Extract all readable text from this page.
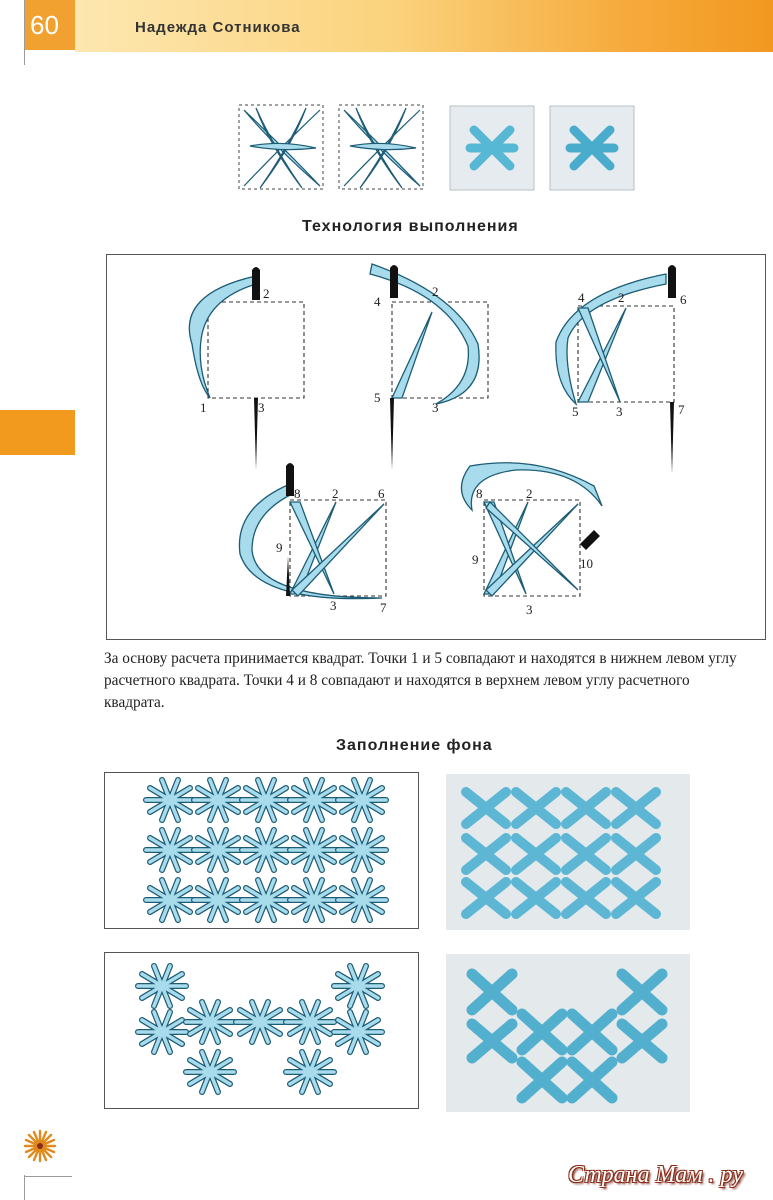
60	Надежда Сотникова
Технология выполнения
2
1	3
4
2
5
3
4	2	6
5	3	7
8 2	6
9
3	7
8	2
9	10
3
За основу расчета принимается квадрат. Точки 1 и 5 совпадают и находятся в нижнем левом углу расчетного квадрата. Точки 4 и 8 совпадают и находятся в верхнем левом углу расчетного квадрата.
Заполнение фона
Страна Мам . ру
